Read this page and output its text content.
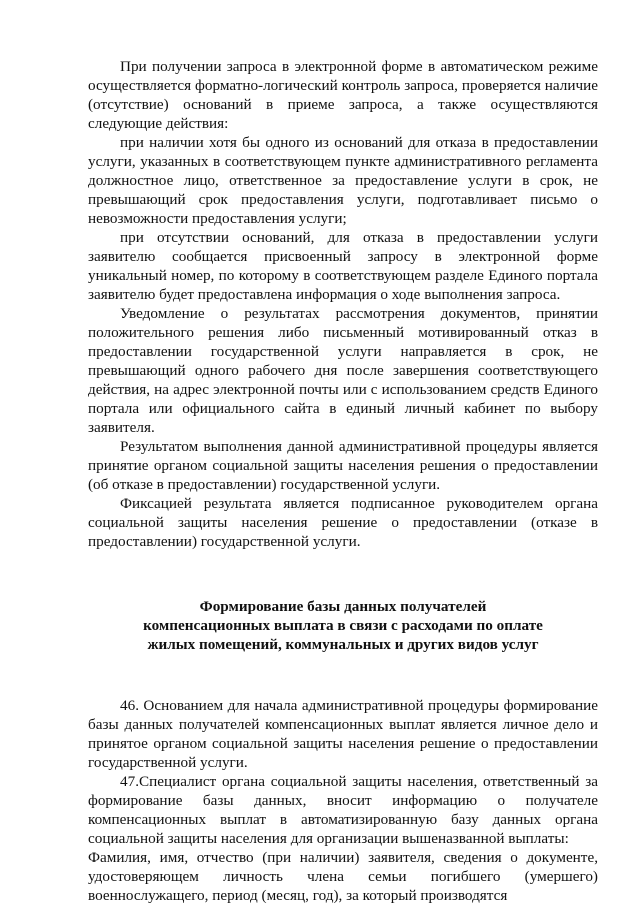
При получении запроса в электронной форме в автоматическом режиме осуществляется форматно-логический контроль запроса, проверяется наличие (отсутствие) оснований в приеме запроса, а также осуществляются следующие действия:

при наличии хотя бы одного из оснований для отказа в предоставлении услуги, указанных в соответствующем пункте административного регламента должностное лицо, ответственное за предоставление услуги в срок, не превышающий срок предоставления услуги, подготавливает письмо о невозможности предоставления услуги;

при отсутствии оснований, для отказа в предоставлении услуги заявителю сообщается присвоенный запросу в электронной форме уникальный номер, по которому в соответствующем разделе Единого портала заявителю будет предоставлена информация о ходе выполнения запроса.

Уведомление о результатах рассмотрения документов, принятии положительного решения либо письменный мотивированный отказ в предоставлении государственной услуги направляется в срок, не превышающий одного рабочего дня после завершения соответствующего действия, на адрес электронной почты или с использованием средств Единого портала или официального сайта в единый личный кабинет по выбору заявителя.

Результатом выполнения данной административной процедуры является принятие органом социальной защиты населения решения о предоставлении (об отказе в предоставлении) государственной услуги.

Фиксацией результата является подписанное руководителем органа социальной защиты населения решение о предоставлении (отказе в предоставлении) государственной услуги.

Формирование базы данных получателей

компенсационных выплата в связи с расходами по оплате

жилых помещений, коммунальных и других видов услуг

46. Основанием для начала административной процедуры формирование базы данных получателей компенсационных выплат является личное дело и принятое органом социальной защиты населения решение о предоставлении государственной услуги.

47.Специалист органа социальной защиты населения, ответственный за формирование базы данных, вносит информацию о получателе компенсационных выплат в автоматизированную базу данных органа социальной защиты населения для организации вышеназванной выплаты:

Фамилия, имя, отчество (при наличии) заявителя, сведения о документе, удостоверяющем личность члена семьи погибшего (умершего) военнослужащего, период (месяц, год), за который производятся
